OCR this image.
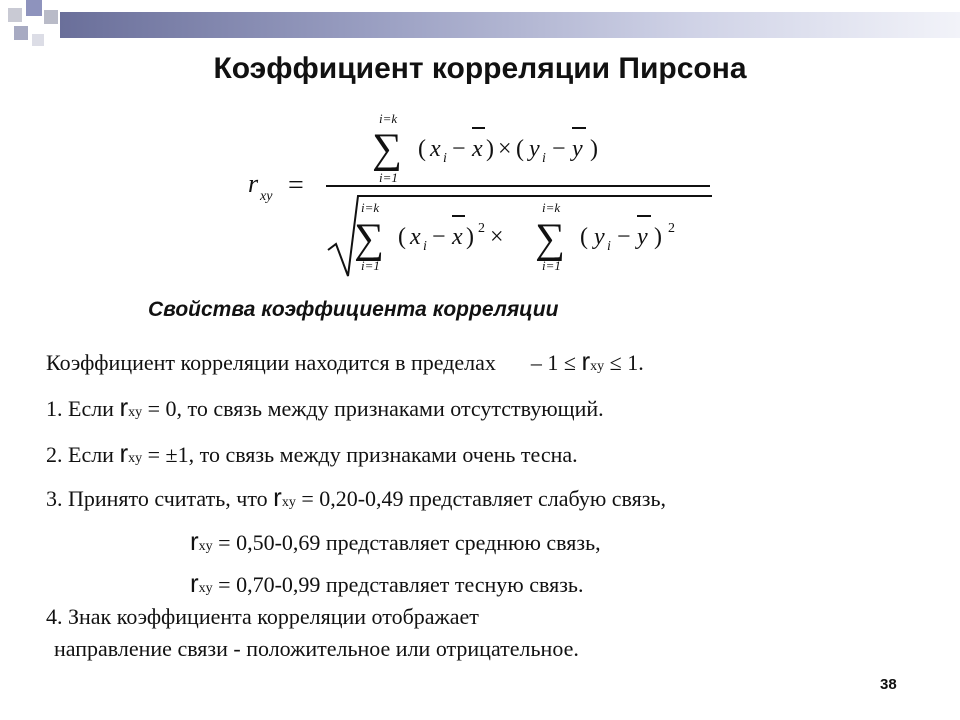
Коэффициент корреляции Пирсона
r xy =
i=k
∑
i=1
( x i − x ) × ( y i − y )
i=k
∑
i=1
( x i − x ) 2 ×
i=k
∑
i=1
( y i − y ) 2
Свойства коэффициента корреляции
Коэффициент корреляции находится в пределах – 1 ≤ rxy ≤ 1.
1. Если rxy = 0, то связь между признаками отсутствующий.
2. Если rxy = ±1, то связь между признаками очень тесна.
3. Принято считать, что rxy = 0,20-0,49 представляет слабую связь,
rxy = 0,50-0,69 представляет среднюю связь,
rxy = 0,70-0,99 представляет тесную связь.
4. Знак коэффициента корреляции отображает
направление связи - положительное или отрицательное.
38
